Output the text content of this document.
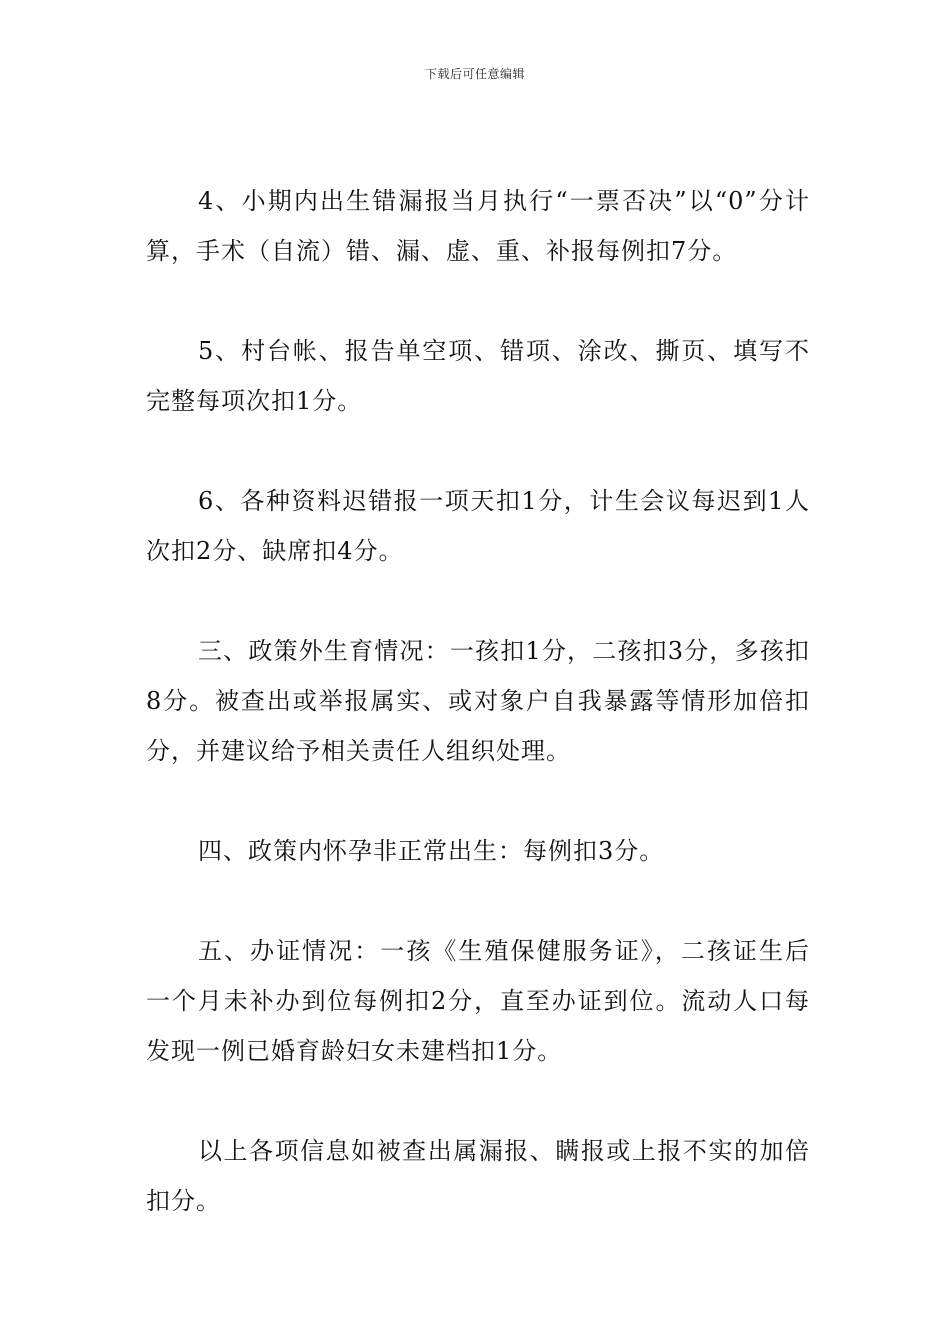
下载后可任意编辑

4、小期内出生错漏报当月执行“一票否决”以“0”分计算，手术（自流）错、漏、虚、重、补报每例扣7分。

5、村台帐、报告单空项、错项、涂改、撕页、填写不完整每项次扣1分。

6、各种资料迟错报一项天扣1分，计生会议每迟到1人次扣2分、缺席扣4分。

三、政策外生育情况：一孩扣1分，二孩扣3分，多孩扣8分。被查出或举报属实、或对象户自我暴露等情形加倍扣分，并建议给予相关责任人组织处理。

四、政策内怀孕非正常出生：每例扣3分。

五、办证情况：一孩《生殖保健服务证》，二孩证生后一个月未补办到位每例扣2分，直至办证到位。流动人口每发现一例已婚育龄妇女未建档扣1分。

以上各项信息如被查出属漏报、瞒报或上报不实的加倍扣分。
